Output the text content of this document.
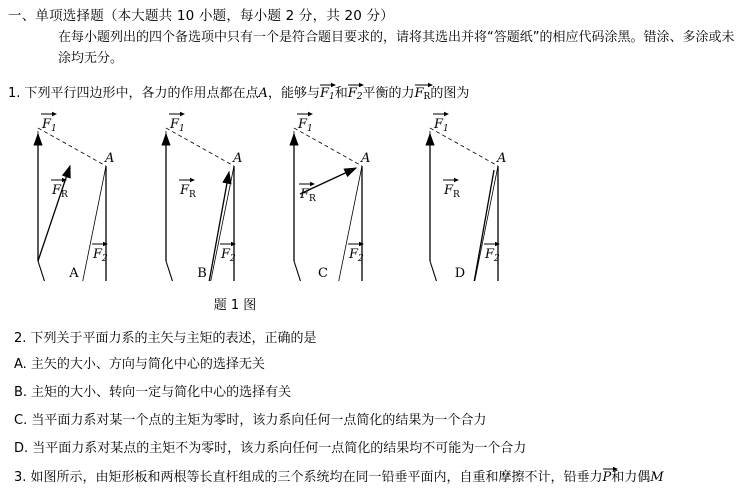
一、单项选择题（本大题共 10 小题，每小题 2 分，共 20 分）
在每小题列出的四个备选项中只有一个是符合题目要求的，请将其选出并将“答题纸”的相应代码涂黑。错涂、多涂或未涂均无分。
1. 下列平行四边形中，各力的作用点都在点A，能够与
$F_1$和
$F_2$平衡的力
FR的图为
F 1
F R
F 2
A
F 1
F R
F 2
A
F 1
F R
F 2
A
F 1
F R
F 2
A
A	B	C	D
题 1 图
2. 下列关于平面力系的主矢与主矩的表述，正确的是
A. 主矢的大小、方向与简化中心的选择无关
B. 主矩的大小、转向一定与简化中心的选择有关
C. 当平面力系对某一个点的主矩为零时，该力系向任何一点简化的结果为一个合力
D. 当平面力系对某点的主矩不为零时，该力系向任何一点简化的结果均不可能为一个合力
3. 如图所示，由矩形板和两根等长直杆组成的三个系统均在同一铅垂平面内，自重和摩擦不计，铅垂力
P和力偶M
